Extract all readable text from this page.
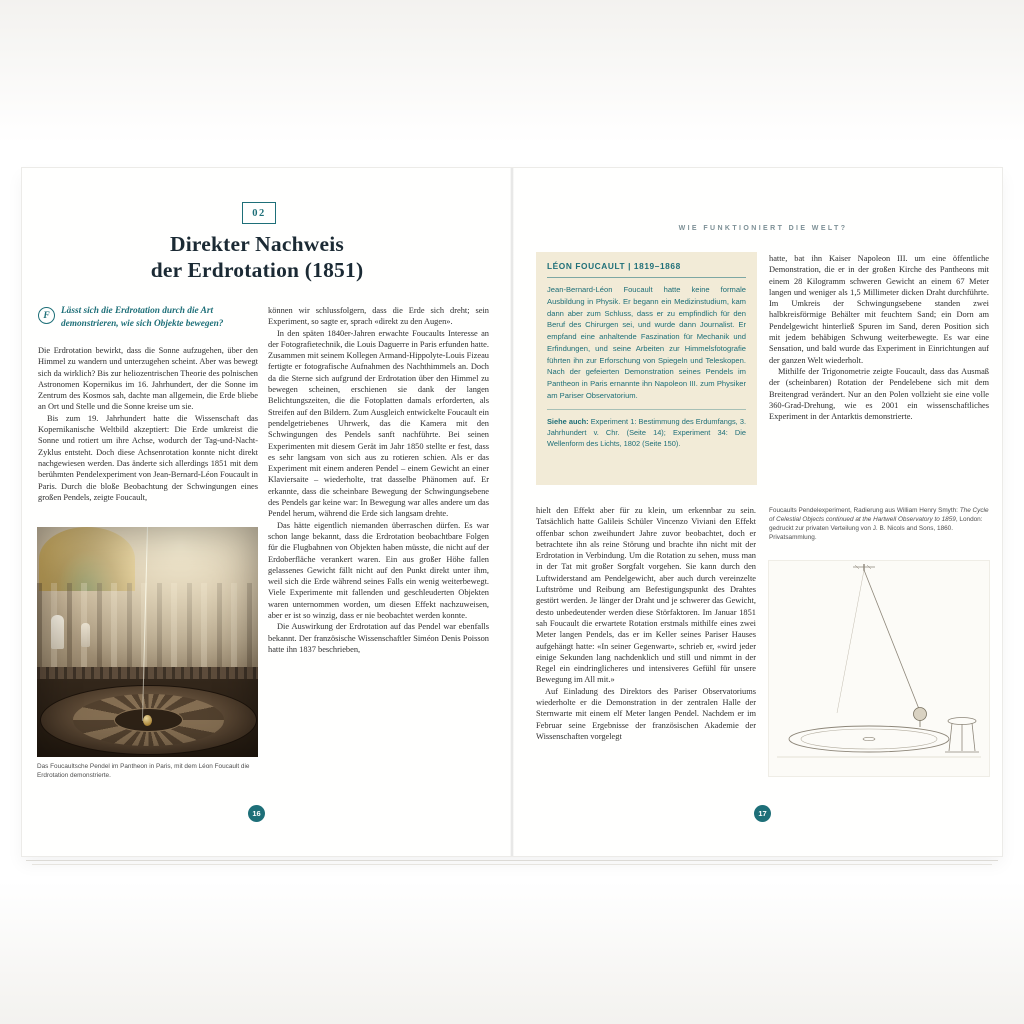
02
Direkter Nachweis
der Erdrotation (1851)
F	Lässt sich die Erdrotation durch die Art demonstrieren, wie sich Objekte bewegen?

Die Erdrotation bewirkt, dass die Sonne aufzugehen, über den Himmel zu wandern und unterzugehen scheint. Aber was bewegt sich da wirklich? Bis zur heliozentrischen Theorie des polnischen Astronomen Kopernikus im 16. Jahrhundert, der die Sonne im Zentrum des Kosmos sah, dachte man allgemein, die Erde bliebe an Ort und Stelle und die Sonne kreise um sie.

Bis zum 19. Jahrhundert hatte die Wissenschaft das Kopernikanische Weltbild akzeptiert: Die Erde umkreist die Sonne und rotiert um ihre Achse, wodurch der Tag-und-Nacht-Zyklus entsteht. Doch diese Achsenrotation konnte nicht direkt nachgewiesen werden. Das änderte sich allerdings 1851 mit dem berühmten Pendelexperiment von Jean-Bernard-Léon Foucault in Paris. Durch die bloße Beobachtung der Schwingungen eines großen Pendels, zeigte Foucault,

können wir schlussfolgern, dass die Erde sich dreht; sein Experiment, so sagte er, sprach «direkt zu den Augen».

In den späten 1840er-Jahren erwachte Foucaults Interesse an der Fotografietechnik, die Louis Daguerre in Paris erfunden hatte. Zusammen mit seinem Kollegen Armand-Hippolyte-Louis Fizeau fertigte er fotografische Aufnahmen des Nachthimmels an. Doch da die Sterne sich aufgrund der Erdrotation über den Himmel zu bewegen scheinen, erschienen sie dank der langen Belichtungszeiten, die die Fotoplatten damals erforderten, als Streifen auf den Bildern. Zum Ausgleich entwickelte Foucault ein pendelgetriebenes Uhrwerk, das die Kamera mit den Schwingungen des Pendels sanft nachführte. Bei seinen Experimenten mit diesem Gerät im Jahr 1850 stellte er fest, dass es sehr langsam von sich aus zu rotieren schien. Als er das Experiment mit einem anderen Pendel – einem Gewicht an einer Klaviersaite – wiederholte, trat dasselbe Phänomen auf. Er erkannte, dass die scheinbare Bewegung der Schwingungsebene des Pendels gar keine war: In Bewegung war alles andere um das Pendel herum, während die Erde sich langsam drehte.

Das hätte eigentlich niemanden überraschen dürfen. Es war schon lange bekannt, dass die Erdrotation beobachtbare Folgen für die Flugbahnen von Objekten haben müsste, die nicht auf der Erdoberfläche verankert waren. Ein aus großer Höhe fallen gelassenes Gewicht fällt nicht auf den Punkt direkt unter ihm, weil sich die Erde während seines Falls ein wenig weiterbewegt. Viele Experimente mit fallenden und geschleuderten Objekten waren unternommen worden, um diesen Effekt nachzuweisen, aber er ist so winzig, dass er nie beobachtet werden konnte.

Die Auswirkung der Erdrotation auf das Pendel war ebenfalls bekannt. Der französische Wissenschaftler Siméon Denis Poisson hatte ihn 1837 beschrieben,

Das Foucaultsche Pendel im Pantheon in Paris, mit dem Léon Foucault die Erdrotation demonstrierte.
16
WIE FUNKTIONIERT DIE WELT?
LÉON FOUCAULT | 1819–1868
Jean-Bernard-Léon Foucault hatte keine formale Ausbildung in Physik. Er begann ein Medizinstudium, kam dann aber zum Schluss, dass er zu empfindlich für den Beruf des Chirurgen sei, und wurde dann Journalist. Er empfand eine anhaltende Faszination für Mechanik und Erfindungen, und seine Arbeiten zur Himmelsfotografie führten ihn zur Erforschung von Spiegeln und Teleskopen. Nach der gefeierten Demonstration seines Pendels im Pantheon in Paris ernannte ihn Napoleon III. zum Physiker am Pariser Observatorium.
Siehe auch: Experiment 1: Bestimmung des Erdumfangs, 3. Jahrhundert v. Chr. (Seite 14); Experiment 34: Die Wellenform des Lichts, 1802 (Seite 150).

hielt den Effekt aber für zu klein, um erkennbar zu sein. Tatsächlich hatte Galileis Schüler Vincenzo Viviani den Effekt offenbar schon zweihundert Jahre zuvor beobachtet, doch er betrachtete ihn als reine Störung und brachte ihn nicht mit der Erdrotation in Verbindung. Um die Rotation zu sehen, muss man in der Tat mit großer Sorgfalt vorgehen. Sie kann durch den Luftwiderstand am Pendelgewicht, aber auch durch vereinzelte Luftströme und Reibung am Befestigungspunkt des Drahtes gestört werden. Je länger der Draht und je schwerer das Gewicht, desto unbedeutender werden diese Störfaktoren. Im Januar 1851 sah Foucault die erwartete Rotation erstmals mithilfe eines zwei Meter langen Pendels, das er im Keller seines Pariser Hauses aufgehängt hatte: «In seiner Gegenwart», schrieb er, «wird jeder einige Sekunden lang nachdenklich und still und nimmt in der Regel ein eindringlicheres und intensiveres Gefühl für unsere Bewegung im All mit.»

Auf Einladung des Direktors des Pariser Observatoriums wiederholte er die Demonstration in der zentralen Halle der Sternwarte mit einem elf Meter langen Pendel. Nachdem er im Februar seine Ergebnisse der französischen Akademie der Wissenschaften vorgelegt

hatte, bat ihn Kaiser Napoleon III. um eine öffentliche Demonstration, die er in der großen Kirche des Pantheons mit einem 28 Kilogramm schweren Gewicht an einem 67 Meter langen und weniger als 1,5 Millimeter dicken Draht durchführte. Im Umkreis der Schwingungsebene standen zwei halbkreisförmige Behälter mit feuchtem Sand; ein Dorn am Pendelgewicht hinterließ Spuren im Sand, deren Position sich mit jedem behäbigen Schwung weiterbewegte. Es war eine Sensation, und bald wurde das Experiment in Einrichtungen auf der ganzen Welt wiederholt.

Mithilfe der Trigonometrie zeigte Foucault, dass das Ausmaß der (scheinbaren) Rotation der Pendelebene sich mit dem Breitengrad verändert. Nur an den Polen vollzieht sie eine volle 360-Grad-Drehung, wie es 2001 ein wissenschaftliches Experiment in der Antarktis demonstrierte.

Foucaults Pendelexperiment, Radierung aus William Henry Smyth: The Cycle of Celestial Objects continued at the Hartwell Observatory to 1859, London: gedruckt zur privaten Verteilung von J. B. Nicols and Sons, 1860. Privatsammlung.
17
